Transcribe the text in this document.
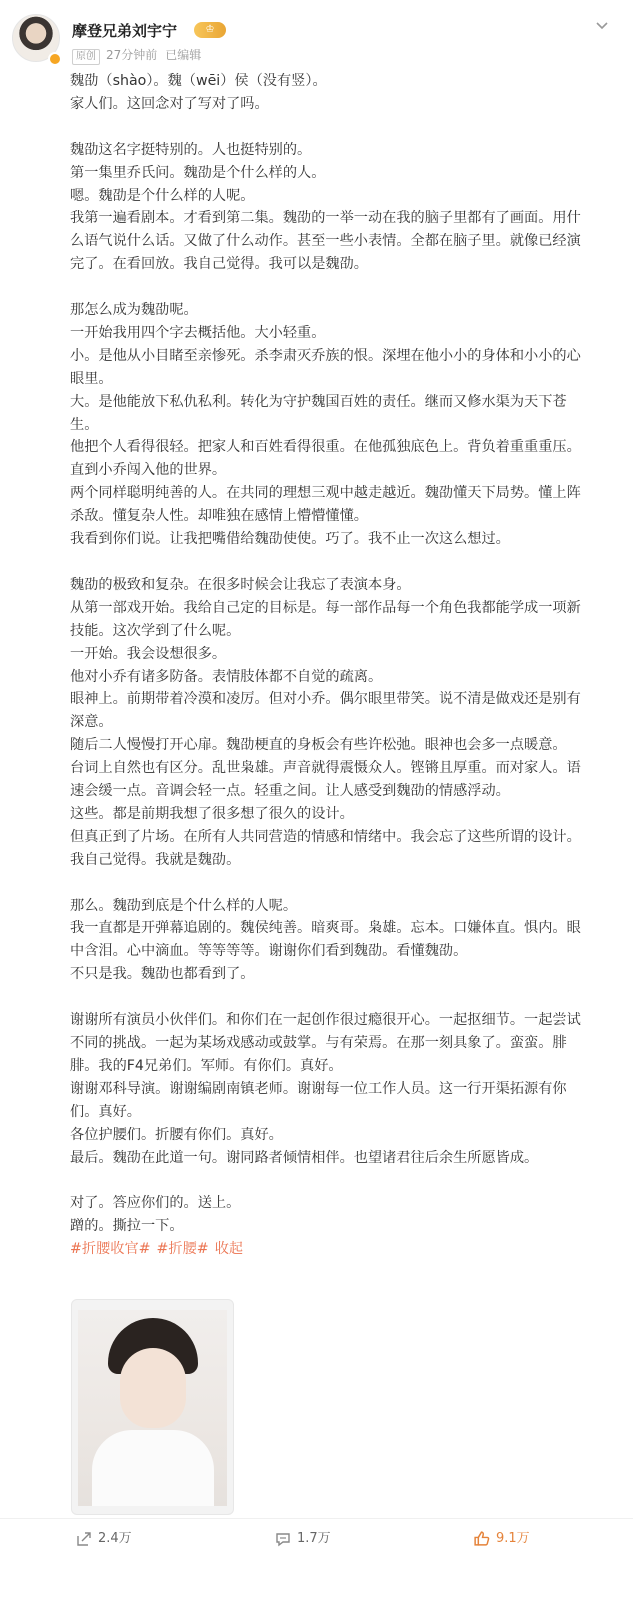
摩登兄弟刘宇宁	♔
原创 27分钟前 已编辑
魏劭（shào）。魏（wēi）侯（没有竖）。
家人们。这回念对了写对了吗。
魏劭这名字挺特别的。人也挺特别的。
第一集里乔氏问。魏劭是个什么样的人。
嗯。魏劭是个什么样的人呢。
我第一遍看剧本。才看到第二集。魏劭的一举一动在我的脑子里都有了画面。用什
么语气说什么话。又做了什么动作。甚至一些小表情。全都在脑子里。就像已经演
完了。在看回放。我自己觉得。我可以是魏劭。
那怎么成为魏劭呢。
一开始我用四个字去概括他。大小轻重。
小。是他从小目睹至亲惨死。杀李肃灭乔族的恨。深埋在他小小的身体和小小的心
眼里。
大。是他能放下私仇私利。转化为守护魏国百姓的责任。继而又修水渠为天下苍
生。
他把个人看得很轻。把家人和百姓看得很重。在他孤独底色上。背负着重重重压。
直到小乔闯入他的世界。
两个同样聪明纯善的人。在共同的理想三观中越走越近。魏劭懂天下局势。懂上阵
杀敌。懂复杂人性。却唯独在感情上懵懵懂懂。
我看到你们说。让我把嘴借给魏劭使使。巧了。我不止一次这么想过。
魏劭的极致和复杂。在很多时候会让我忘了表演本身。
从第一部戏开始。我给自己定的目标是。每一部作品每一个角色我都能学成一项新
技能。这次学到了什么呢。
一开始。我会设想很多。
他对小乔有诸多防备。表情肢体都不自觉的疏离。
眼神上。前期带着冷漠和凌厉。但对小乔。偶尔眼里带笑。说不清是做戏还是别有
深意。
随后二人慢慢打开心扉。魏劭梗直的身板会有些许松弛。眼神也会多一点暖意。
台词上自然也有区分。乱世枭雄。声音就得震慑众人。铿锵且厚重。而对家人。语
速会缓一点。音调会轻一点。轻重之间。让人感受到魏劭的情感浮动。
这些。都是前期我想了很多想了很久的设计。
但真正到了片场。在所有人共同营造的情感和情绪中。我会忘了这些所谓的设计。
我自己觉得。我就是魏劭。
那么。魏劭到底是个什么样的人呢。
我一直都是开弹幕追剧的。魏侯纯善。暗爽哥。枭雄。忘本。口嫌体直。惧内。眼
中含泪。心中滴血。等等等等。谢谢你们看到魏劭。看懂魏劭。
不只是我。魏劭也都看到了。
谢谢所有演员小伙伴们。和你们在一起创作很过瘾很开心。一起抠细节。一起尝试
不同的挑战。一起为某场戏感动或鼓掌。与有荣焉。在那一刻具象了。蛮蛮。腓
腓。我的F4兄弟们。军师。有你们。真好。
谢谢邓科导演。谢谢编剧南镇老师。谢谢每一位工作人员。这一行开渠拓源有你
们。真好。
各位护腰们。折腰有你们。真好。
最后。魏劭在此道一句。谢同路者倾情相伴。也望诸君往后余生所愿皆成。
对了。答应你们的。送上。
蹭的。撕拉一下。
#折腰收官# #折腰# 收起
2.4万	1.7万	9.1万
